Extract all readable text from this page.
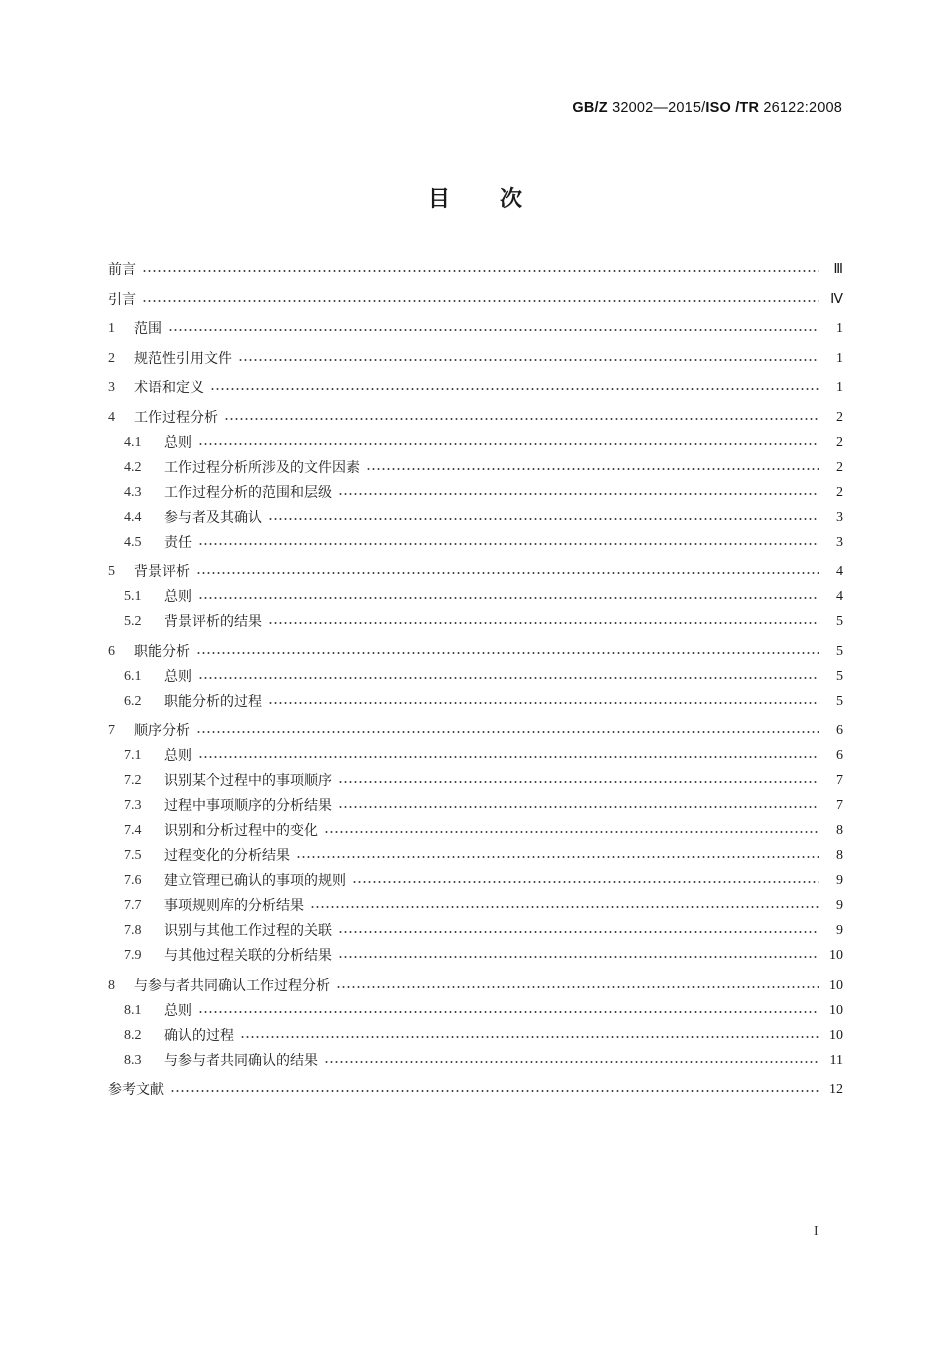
GB/Z 32002—2015/ISO /TR 26122:2008
目次
前言	Ⅲ
引言	Ⅳ
1	范围	1
2	规范性引用文件	1
3	术语和定义	1
4	工作过程分析	2
4.1	总则	2
4.2	工作过程分析所涉及的文件因素	2
4.3	工作过程分析的范围和层级	2
4.4	参与者及其确认	3
4.5	责任	3
5	背景评析	4
5.1	总则	4
5.2	背景评析的结果	5
6	职能分析	5
6.1	总则	5
6.2	职能分析的过程	5
7	顺序分析	6
7.1	总则	6
7.2	识别某个过程中的事项顺序	7
7.3	过程中事项顺序的分析结果	7
7.4	识别和分析过程中的变化	8
7.5	过程变化的分析结果	8
7.6	建立管理已确认的事项的规则	9
7.7	事项规则库的分析结果	9
7.8	识别与其他工作过程的关联	9
7.9	与其他过程关联的分析结果	10
8	与参与者共同确认工作过程分析	10
8.1	总则	10
8.2	确认的过程	10
8.3	与参与者共同确认的结果	11
参考文献	12
I
